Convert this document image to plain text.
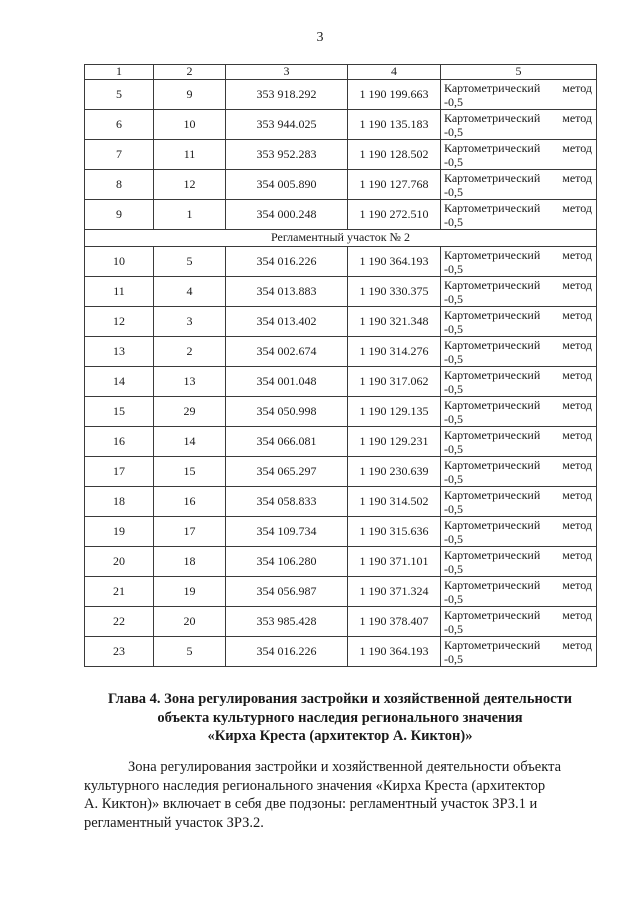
3
1	2	3	4	5
5	9	353 918.292	1 190 199.663	Картометрический метод
-0,5

6	10	353 944.025	1 190 135.183	Картометрический метод
-0,5

7	11	353 952.283	1 190 128.502	Картометрический метод
-0,5

8	12	354 005.890	1 190 127.768	Картометрический метод
-0,5

9	1	354 000.248	1 190 272.510	Картометрический метод
-0,5

Регламентный участок № 2				
10	5	354 016.226	1 190 364.193	Картометрический метод
-0,5

11	4	354 013.883	1 190 330.375	Картометрический метод
-0,5

12	3	354 013.402	1 190 321.348	Картометрический метод
-0,5

13	2	354 002.674	1 190 314.276	Картометрический метод
-0,5

14	13	354 001.048	1 190 317.062	Картометрический метод
-0,5

15	29	354 050.998	1 190 129.135	Картометрический метод
-0,5

16	14	354 066.081	1 190 129.231	Картометрический метод
-0,5

17	15	354 065.297	1 190 230.639	Картометрический метод
-0,5

18	16	354 058.833	1 190 314.502	Картометрический метод
-0,5

19	17	354 109.734	1 190 315.636	Картометрический метод
-0,5

20	18	354 106.280	1 190 371.101	Картометрический метод
-0,5

21	19	354 056.987	1 190 371.324	Картометрический метод
-0,5

22	20	353 985.428	1 190 378.407	Картометрический метод
-0,5

23	5	354 016.226	1 190 364.193	Картометрический метод
-0,5
Глава 4. Зона регулирования застройки и хозяйственной деятельности
объекта культурного наследия регионального значения
«Кирха Креста (архитектор А. Киктон)»
Зона регулирования застройки и хозяйственной деятельности объекта
культурного наследия регионального значения «Кирха Креста (архитектор
А. Киктон)» включает в себя две подзоны: регламентный участок ЗРЗ.1 и
регламентный участок ЗРЗ.2.
